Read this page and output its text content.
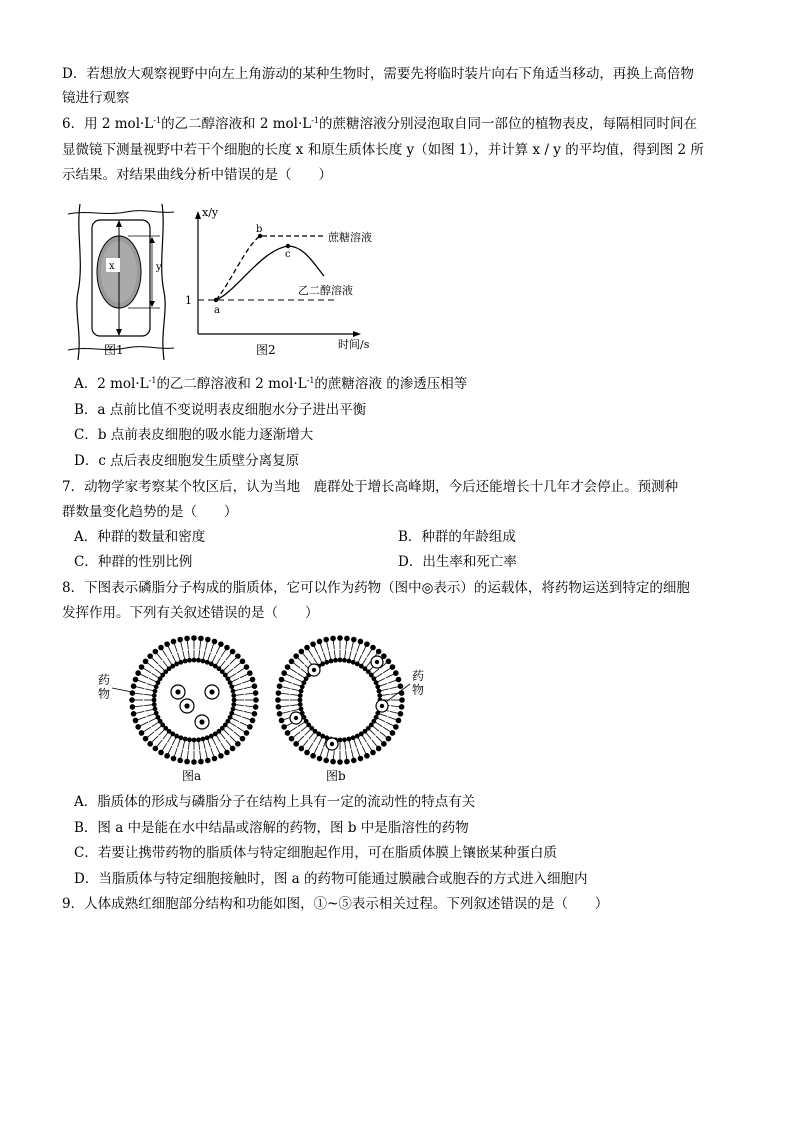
D．若想放大观察视野中向左上角游动的某种生物时，需要先将临时装片向右下角适当移动，再换上高倍物
镜进行观察
6．用 2 $mol\cdot L^{-1}$的乙二醇溶液和 2 $mol\cdot L^{-1}$的蔗糖溶液分别浸泡取自同一部位的植物表皮，每隔相同时间在
显微镜下测量视野中若干个细胞的长度 x 和原生质体长度 y（如图 1），并计算 x / y 的平均值，得到图 2 所
示结果。对结果曲线分析中错误的是（　　）
x	y
图1
x/y
1
a
b
c
蔗糖溶液
乙二醇溶液
时间/s
图2
A．2 $mol\cdot L^{-1}$的乙二醇溶液和 2 $mol\cdot L^{-1}$的蔗糖溶液 的渗透压相等
B．a 点前比值不变说明表皮细胞水分子进出平衡
C．b 点前表皮细胞的吸水能力逐渐增大
D．c 点后表皮细胞发生质壁分离复原
7．动物学家考察某个牧区后，认为当地　鹿群处于增长高峰期，今后还能增长十几年才会停止。预测种
群数量变化趋势的是（　　）
A．种群的数量和密度	B．种群的年龄组成
C．种群的性别比例	D．出生率和死亡率
8．下图表示磷脂分子构成的脂质体，它可以作为药物（图中◎表示）的运载体，将药物运送到特定的细胞
发挥作用。下列有关叙述错误的是（　　）
药
物
药
物
图a	图b
A．脂质体的形成与磷脂分子在结构上具有一定的流动性的特点有关
B．图 a 中是能在水中结晶或溶解的药物，图 b 中是脂溶性的药物
C．若要让携带药物的脂质体与特定细胞起作用，可在脂质体膜上镶嵌某种蛋白质
D．当脂质体与特定细胞接触时，图 a 的药物可能通过膜融合或胞吞的方式进入细胞内
9．人体成熟红细胞部分结构和功能如图，①~⑤表示相关过程。下列叙述错误的是（　　）
